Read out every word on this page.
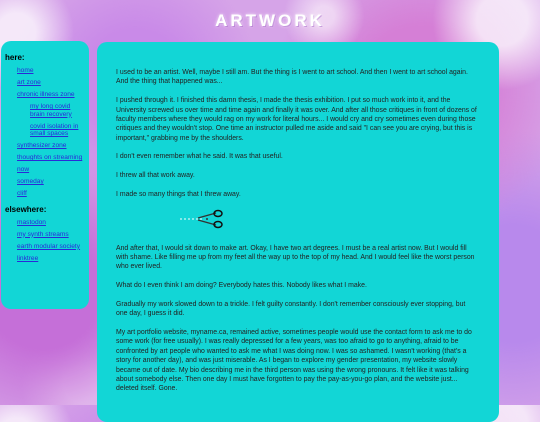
ARTWORK
here:
home
art zone
chronic illness zone
my long covid brain recovery
covid isolation in small spaces
synthesizer zone
thoughts on streaming
now
someday
cliff
elsewhere:
mastodon
my synth streams
earth modular society
linktree

I used to be an artist. Well, maybe I still am. But the thing is I went to art school. And then I went to art school again. And the thing that happened was...

I pushed through it. I finished this damn thesis, I made the thesis exhibition. I put so much work into it, and the University screwed us over time and time again and finally it was over. And after all those critiques in front of dozens of faculty members where they would rag on my work for literal hours... I would cry and cry sometimes even during those critiques and they wouldn't stop. One time an instructor pulled me aside and said "I can see you are crying, but this is important," grabbing me by the shoulders.

I don't even remember what he said. It was that useful.

I threw all that work away.

I made so many things that I threw away.

And after that, I would sit down to make art. Okay, I have two art degrees. I must be a real artist now. But I would fill with shame. Like filling me up from my feet all the way up to the top of my head. And I would feel like the worst person who ever lived.

What do I even think I am doing? Everybody hates this. Nobody likes what I make.

Gradually my work slowed down to a trickle. I felt guilty constantly. I don't remember consciously ever stopping, but one day, I guess it did.

My art portfolio website, myname.ca, remained active, sometimes people would use the contact form to ask me to do some work (for free usually). I was really depressed for a few years, was too afraid to go to anything, afraid to be confronted by art people who wanted to ask me what I was doing now. I was so ashamed. I wasn't working (that's a story for another day), and was just miserable. As I began to explore my gender presentation, my website slowly became out of date. My bio describing me in the third person was using the wrong pronouns. It felt like it was talking about somebody else. Then one day I must have forgotten to pay the pay-as-you-go plan, and the website just... deleted itself. Gone.
